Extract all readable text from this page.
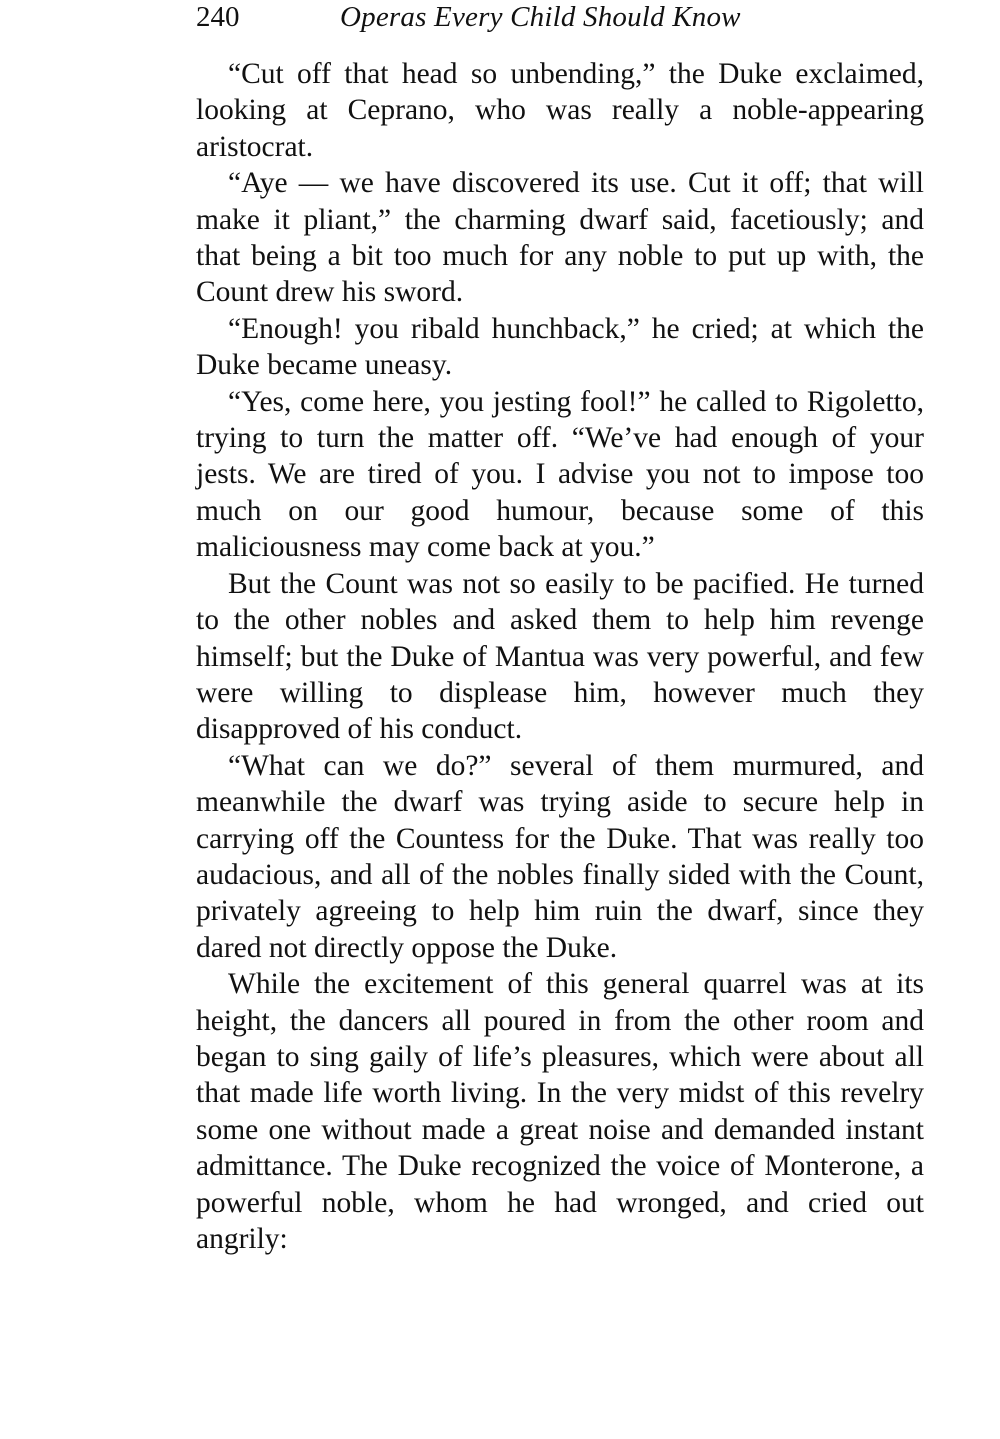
240	Operas Every Child Should Know

“Cut off that head so unbending,” the Duke exclaimed, looking at Ceprano, who was really a noble-appearing aristocrat.

“Aye — we have discovered its use. Cut it off; that will make it pliant,” the charming dwarf said, facetiously; and that being a bit too much for any noble to put up with, the Count drew his sword.

“Enough! you ribald hunchback,” he cried; at which the Duke became uneasy.

“Yes, come here, you jesting fool!” he called to Rigoletto, trying to turn the matter off. “We’ve had enough of your jests. We are tired of you. I advise you not to impose too much on our good humour, because some of this maliciousness may come back at you.”

But the Count was not so easily to be pacified. He turned to the other nobles and asked them to help him revenge himself; but the Duke of Mantua was very powerful, and few were willing to displease him, however much they disapproved of his conduct.

“What can we do?” several of them murmured, and meanwhile the dwarf was trying aside to secure help in carrying off the Countess for the Duke. That was really too audacious, and all of the nobles finally sided with the Count, privately agreeing to help him ruin the dwarf, since they dared not directly oppose the Duke.

While the excitement of this general quarrel was at its height, the dancers all poured in from the other room and began to sing gaily of life’s pleasures, which were about all that made life worth living. In the very midst of this revelry some one without made a great noise and demanded instant admittance. The Duke recognized the voice of Monterone, a powerful noble, whom he had wronged, and cried out angrily:
